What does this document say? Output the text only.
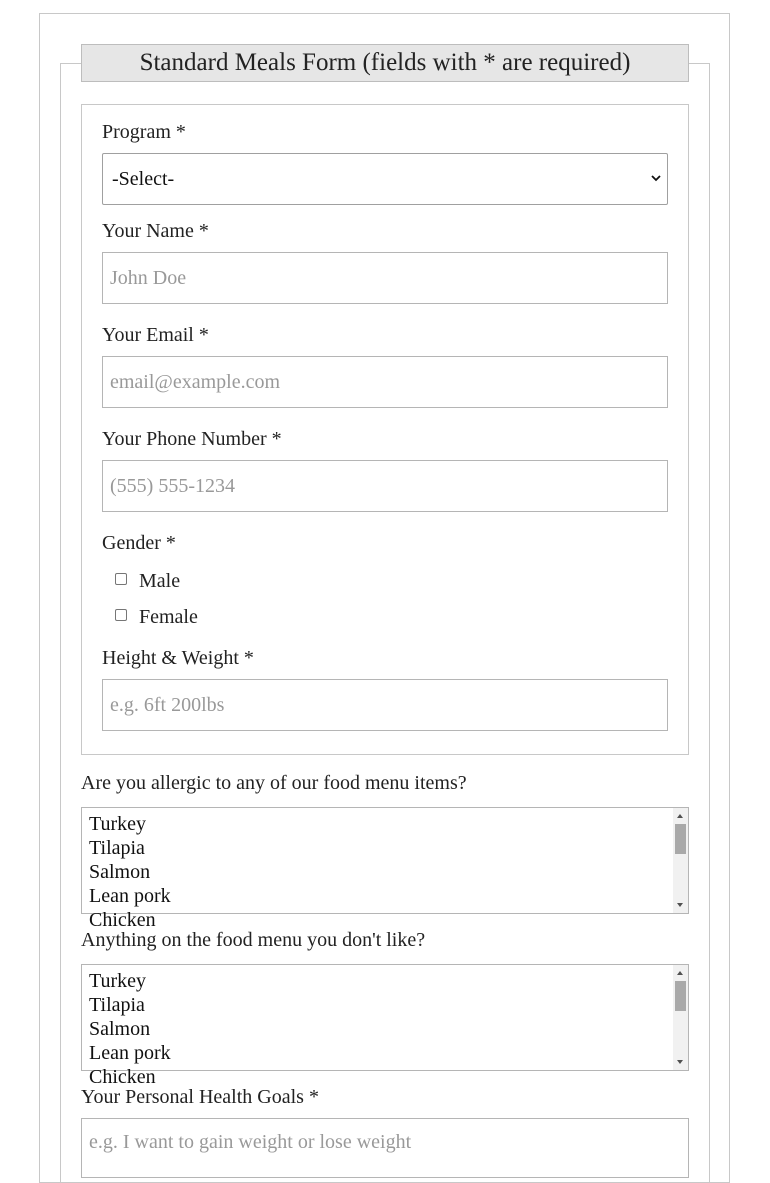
Standard Meals Form (fields with * are required)
Program *
-Select-
Your Name *
John Doe
Your Email *
email@example.com
Your Phone Number *
(555) 555-1234
Gender *
Male
Female
Height & Weight *
e.g. 6ft 200lbs
Are you allergic to any of our food menu items?
Turkey
Tilapia
Salmon
Lean pork
Chicken
Anything on the food menu you don't like?
Turkey
Tilapia
Salmon
Lean pork
Chicken
Your Personal Health Goals *
e.g. I want to gain weight or lose weight
